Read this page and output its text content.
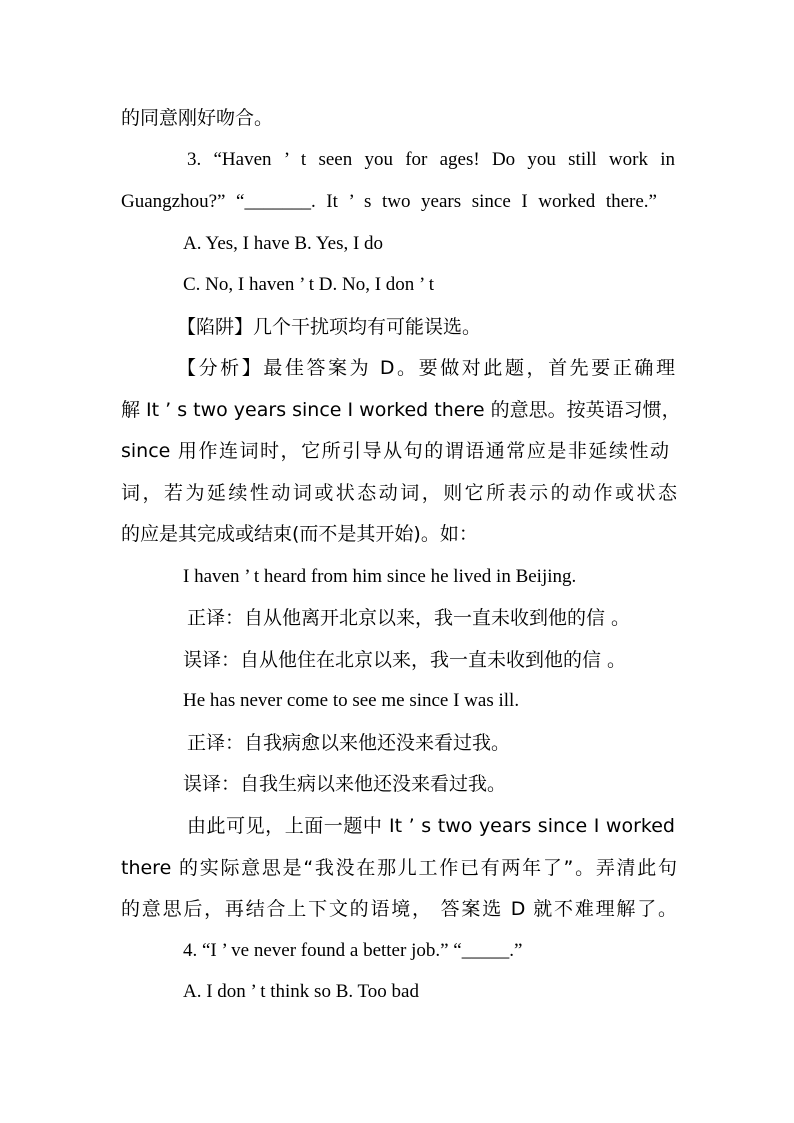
的同意刚好吻合。
3. “Haven ’ t seen you for ages! Do you still work in
Guangzhou?” “_______. It ’ s two years since I worked there.”
A. Yes, I have B. Yes, I do
C. No, I haven ’ t D. No, I don ’ t
【陷阱】几个干扰项均有可能误选。
【分析】最佳答案为 D。要做对此题，首先要正确理
解 It ’ s two years since I worked there 的意思。按英语习惯，
since 用作连词时，它所引导从句的谓语通常应是非延续性动
词，若为延续性动词或状态动词，则它所表示的动作或状态
的应是其完成或结束(而不是其开始)。如：
I haven ’ t heard from him since he lived in Beijing.
正译：自从他离开北京以来，我一直未收到他的信 。
误译：自从他住在北京以来，我一直未收到他的信 。
He has never come to see me since I was ill.
正译：自我病愈以来他还没来看过我。
误译：自我生病以来他还没来看过我。
由此可见，上面一题中 It ’ s two years since I worked
there 的实际意思是“我没在那儿工作已有两年了”。弄清此句
的意思后，再结合上下文的语境， 答案选 D 就不难理解了。
4. “I ’ ve never found a better job.” “_____.”
A. I don ’ t think so B. Too bad
